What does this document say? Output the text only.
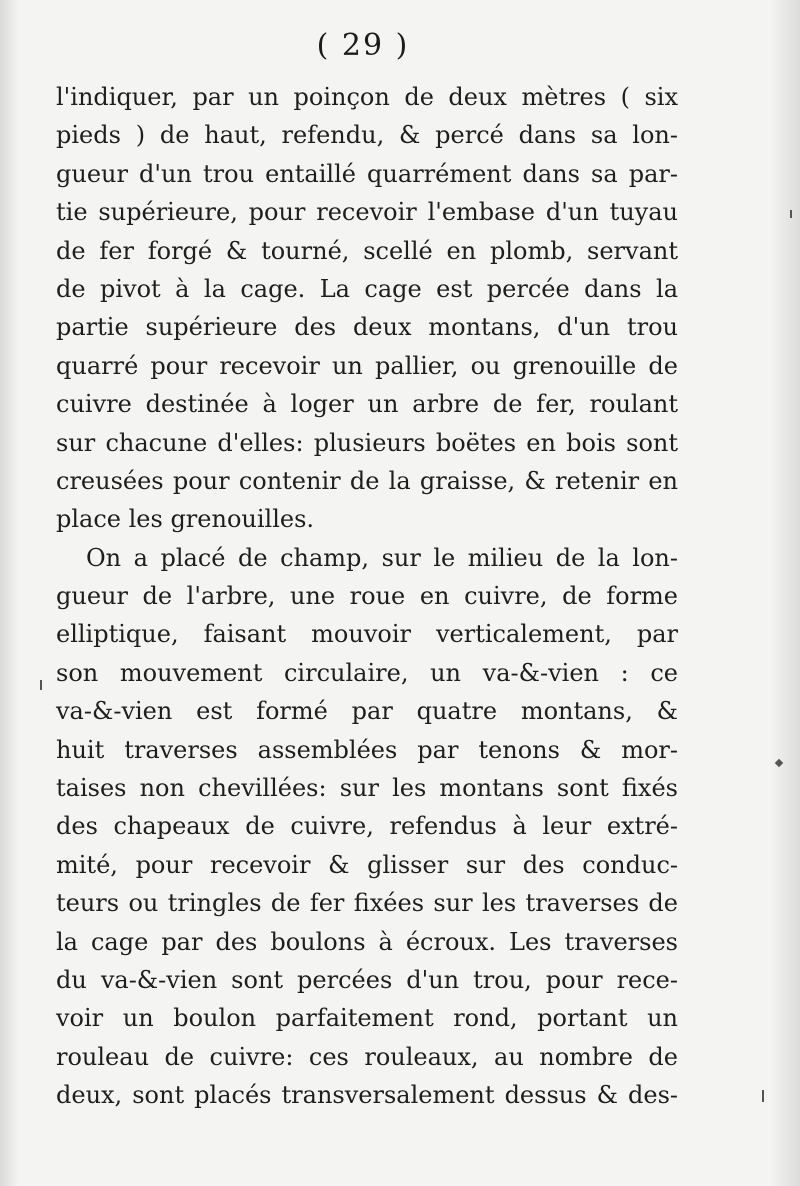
( 29 )
l'indiquer, par un poinçon de deux mètres ( six
pieds ) de haut, refendu, & percé dans sa lon-
gueur d'un trou entaillé quarrément dans sa par-
tie supérieure, pour recevoir l'embase d'un tuyau
de fer forgé & tourné, scellé en plomb, servant
de pivot à la cage. La cage est percée dans la
partie supérieure des deux montans, d'un trou
quarré pour recevoir un pallier, ou grenouille de
cuivre destinée à loger un arbre de fer, roulant
sur chacune d'elles: plusieurs boëtes en bois sont
creusées pour contenir de la graisse, & retenir en
place les grenouilles.
On a placé de champ, sur le milieu de la lon-
gueur de l'arbre, une roue en cuivre, de forme
elliptique, faisant mouvoir verticalement, par
son mouvement circulaire, un va-&-vien : ce
va-&-vien est formé par quatre montans, &
huit traverses assemblées par tenons & mor-
taises non chevillées: sur les montans sont fixés
des chapeaux de cuivre, refendus à leur extré-
mité, pour recevoir & glisser sur des conduc-
teurs ou tringles de fer fixées sur les traverses de
la cage par des boulons à écroux. Les traverses
du va-&-vien sont percées d'un trou, pour rece-
voir un boulon parfaitement rond, portant un
rouleau de cuivre: ces rouleaux, au nombre de
deux, sont placés transversalement dessus & des-
